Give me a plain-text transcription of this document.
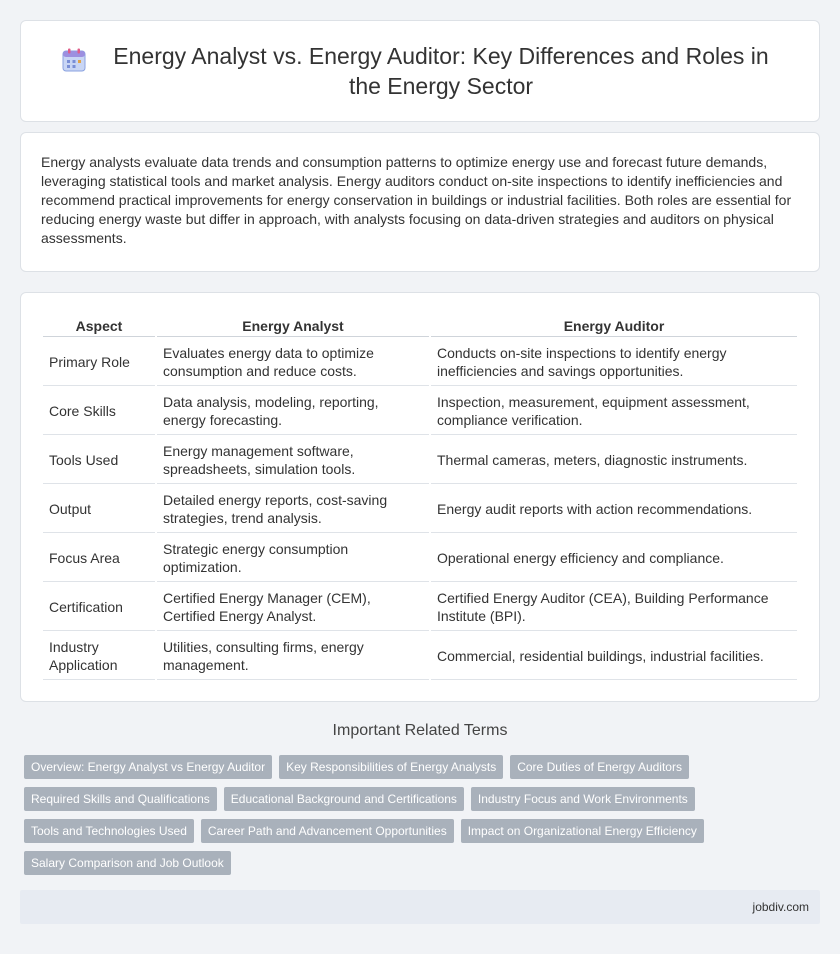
Energy Analyst vs. Energy Auditor: Key Differences and Roles in the Energy Sector

Energy analysts evaluate data trends and consumption patterns to optimize energy use and forecast future demands, leveraging statistical tools and market analysis. Energy auditors conduct on-site inspections to identify inefficiencies and recommend practical improvements for energy conservation in buildings or industrial facilities. Both roles are essential for reducing energy waste but differ in approach, with analysts focusing on data-driven strategies and auditors on physical assessments.

Aspect	Energy Analyst	Energy Auditor
Primary Role	Evaluates energy data to optimize consumption and reduce costs.	Conducts on-site inspections to identify energy inefficiencies and savings opportunities.
Core Skills	Data analysis, modeling, reporting, energy forecasting.	Inspection, measurement, equipment assessment, compliance verification.
Tools Used	Energy management software, spreadsheets, simulation tools.	Thermal cameras, meters, diagnostic instruments.
Output	Detailed energy reports, cost-saving strategies, trend analysis.	Energy audit reports with action recommendations.
Focus Area	Strategic energy consumption optimization.	Operational energy efficiency and compliance.
Certification	Certified Energy Manager (CEM), Certified Energy Analyst.	Certified Energy Auditor (CEA), Building Performance Institute (BPI).
Industry Application	Utilities, consulting firms, energy management.	Commercial, residential buildings, industrial facilities.
Important Related Terms
Overview: Energy Analyst vs Energy Auditor	Key Responsibilities of Energy Analysts	Core Duties of Energy Auditors
Required Skills and Qualifications	Educational Background and Certifications	Industry Focus and Work Environments
Tools and Technologies Used	Career Path and Advancement Opportunities	Impact on Organizational Energy Efficiency
Salary Comparison and Job Outlook
jobdiv.com
